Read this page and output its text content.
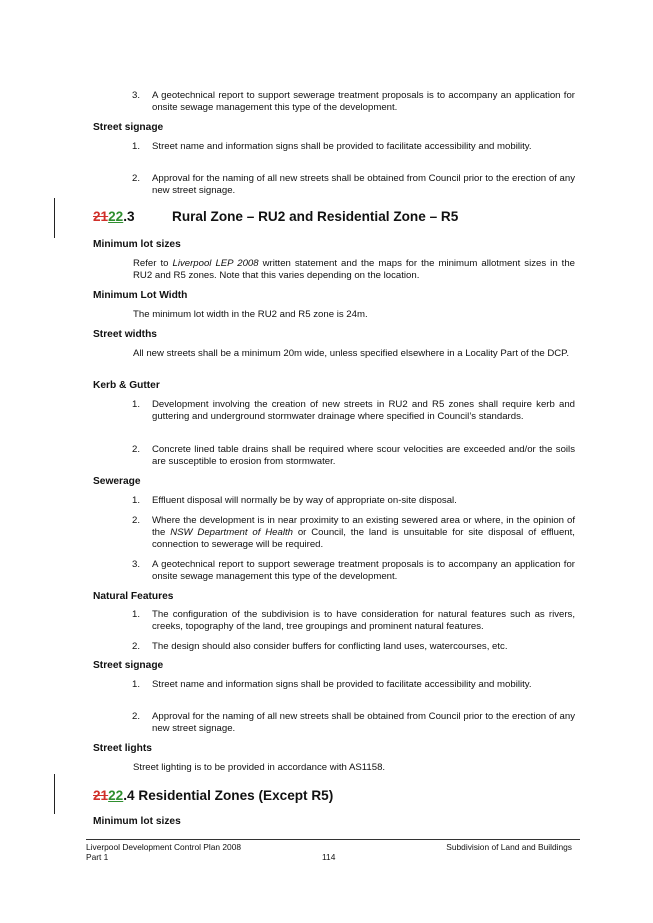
3. A geotechnical report to support sewerage treatment proposals is to accompany an application for onsite sewage management this type of the development.
Street signage
1. Street name and information signs shall be provided to facilitate accessibility and mobility.
2. Approval for the naming of all new streets shall be obtained from Council prior to the erection of any new street signage.
2122.3	Rural Zone – RU2 and Residential Zone – R5
Minimum lot sizes
Refer to Liverpool LEP 2008 written statement and the maps for the minimum allotment sizes in the RU2 and R5 zones. Note that this varies depending on the location.
Minimum Lot Width
The minimum lot width in the RU2 and R5 zone is 24m.
Street widths
All new streets shall be a minimum 20m wide, unless specified elsewhere in a Locality Part of the DCP.
Kerb & Gutter
1. Development involving the creation of new streets in RU2 and R5 zones shall require kerb and guttering and underground stormwater drainage where specified in Council’s standards.
2. Concrete lined table drains shall be required where scour velocities are exceeded and/or the soils are susceptible to erosion from stormwater.
Sewerage
1. Effluent disposal will normally be by way of appropriate on-site disposal.
2. Where the development is in near proximity to an existing sewered area or where, in the opinion of the NSW Department of Health or Council, the land is unsuitable for site disposal of effluent, connection to sewerage will be required.
3. A geotechnical report to support sewerage treatment proposals is to accompany an application for onsite sewage management this type of the development.
Natural Features
1. The configuration of the subdivision is to have consideration for natural features such as rivers, creeks, topography of the land, tree groupings and prominent natural features.
2. The design should also consider buffers for conflicting land uses, watercourses, etc.
Street signage
1. Street name and information signs shall be provided to facilitate accessibility and mobility.
2. Approval for the naming of all new streets shall be obtained from Council prior to the erection of any new street signage.
Street lights
Street lighting is to be provided in accordance with AS1158.
2122.4 Residential Zones (Except R5)
Minimum lot sizes
Liverpool Development Control Plan 2008
Part 1	114
Subdivision of Land and Buildings
